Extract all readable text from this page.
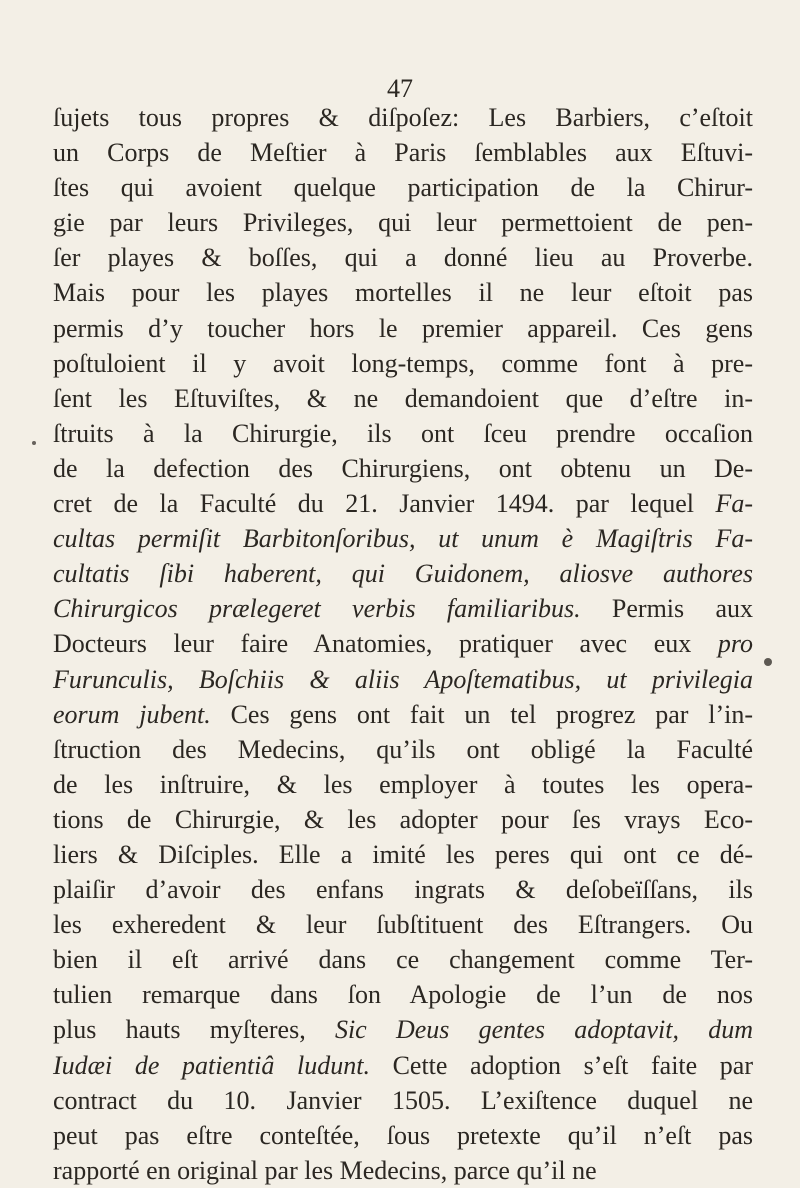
47
ſujets tous propres & diſpoſez: Les Barbiers, c’eſtoit
un Corps de Meſtier à Paris ſemblables aux Eſtuvi-
ſtes qui avoient quelque participation de la Chirur-
gie par leurs Privileges, qui leur permettoient de pen-
ſer playes & boſſes, qui a donné lieu au Proverbe.
Mais pour les playes mortelles il ne leur eſtoit pas
permis d’y toucher hors le premier appareil. Ces gens
poſtuloient il y avoit long-temps, comme font à pre-
ſent les Eſtuviſtes, & ne demandoient que d’eſtre in-
ſtruits à la Chirurgie, ils ont ſceu prendre occaſion
de la defection des Chirurgiens, ont obtenu un De-
cret de la Faculté du 21. Janvier 1494. par lequel Fa-
cultas permiſit Barbitonſoribus, ut unum è Magiſtris Fa-
cultatis ſibi haberent, qui Guidonem, aliosve authores
Chirurgicos prælegeret verbis familiaribus. Permis aux
Docteurs leur faire Anatomies, pratiquer avec eux pro
Furunculis, Boſchiis & aliis Apoſtematibus, ut privilegia
eorum jubent. Ces gens ont fait un tel progrez par l’in-
ſtruction des Medecins, qu’ils ont obligé la Faculté
de les inſtruire, & les employer à toutes les opera-
tions de Chirurgie, & les adopter pour ſes vrays Eco-
liers & Diſciples. Elle a imité les peres qui ont ce dé-
plaiſir d’avoir des enfans ingrats & deſobeïſſans, ils
les exheredent & leur ſubſtituent des Eſtrangers. Ou
bien il eſt arrivé dans ce changement comme Ter-
tulien remarque dans ſon Apologie de l’un de nos
plus hauts myſteres, Sic Deus gentes adoptavit, dum
Iudæi de patientiâ ludunt. Cette adoption s’eſt faite par
contract du 10. Janvier 1505. L’exiſtence duquel ne
peut pas eſtre conteſtée, ſous pretexte qu’il n’eſt pas
rapporté en original par les Medecins, parce qu’il ne
